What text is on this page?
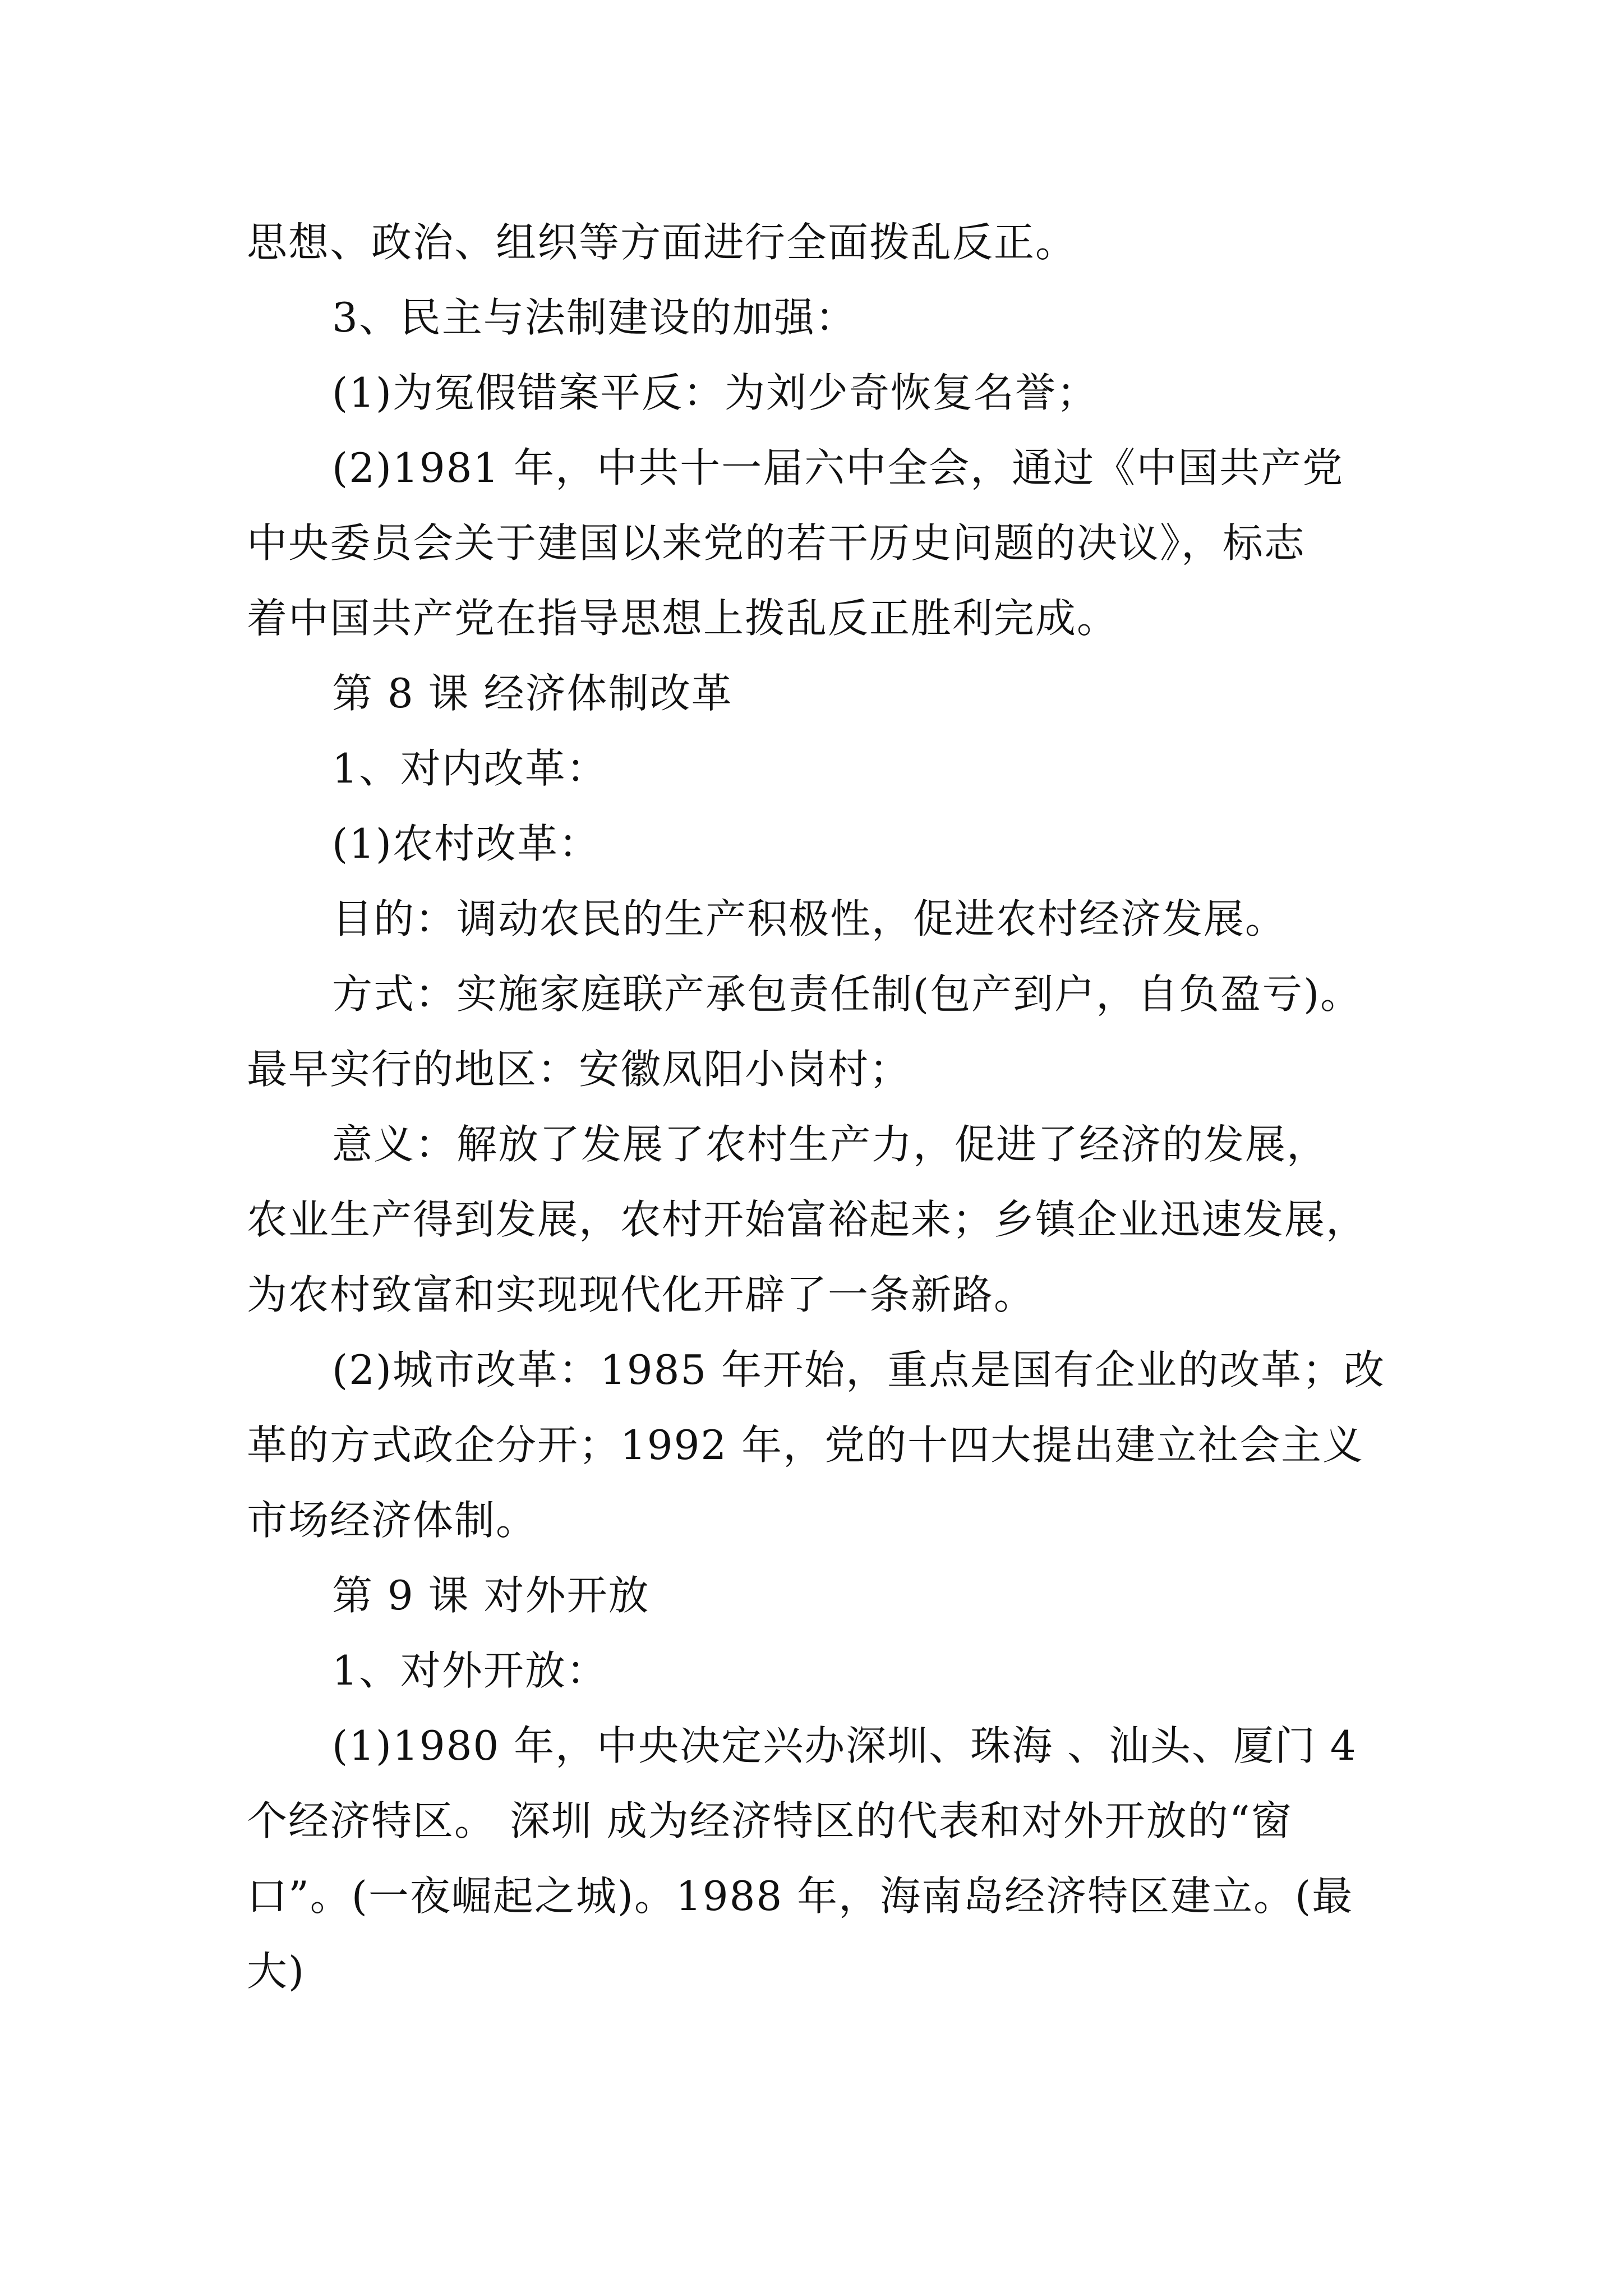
思想、政治、组织等方面进行全面拨乱反正。
3、民主与法制建设的加强：
(1)为冤假错案平反：为刘少奇恢复名誉；
(2)1981 年，中共十一届六中全会，通过《中国共产党
中央委员会关于建国以来党的若干历史问题的决议》，标志
着中国共产党在指导思想上拨乱反正胜利完成。
第 8 课 经济体制改革
1、对内改革：
(1)农村改革：
目的：调动农民的生产积极性，促进农村经济发展。
方式：实施家庭联产承包责任制(包产到户，自负盈亏)。
最早实行的地区：安徽凤阳小岗村；
意义：解放了发展了农村生产力，促进了经济的发展，
农业生产得到发展，农村开始富裕起来；乡镇企业迅速发展，
为农村致富和实现现代化开辟了一条新路。
(2)城市改革：1985 年开始，重点是国有企业的改革；改
革的方式政企分开；1992 年，党的十四大提出建立社会主义
市场经济体制。
第 9 课 对外开放
1、对外开放：
(1)1980 年，中央决定兴办深圳、珠海 、汕头、厦门 4
个经济特区。 深圳 成为经济特区的代表和对外开放的“窗
口”。(一夜崛起之城)。1988 年，海南岛经济特区建立。(最
大)
